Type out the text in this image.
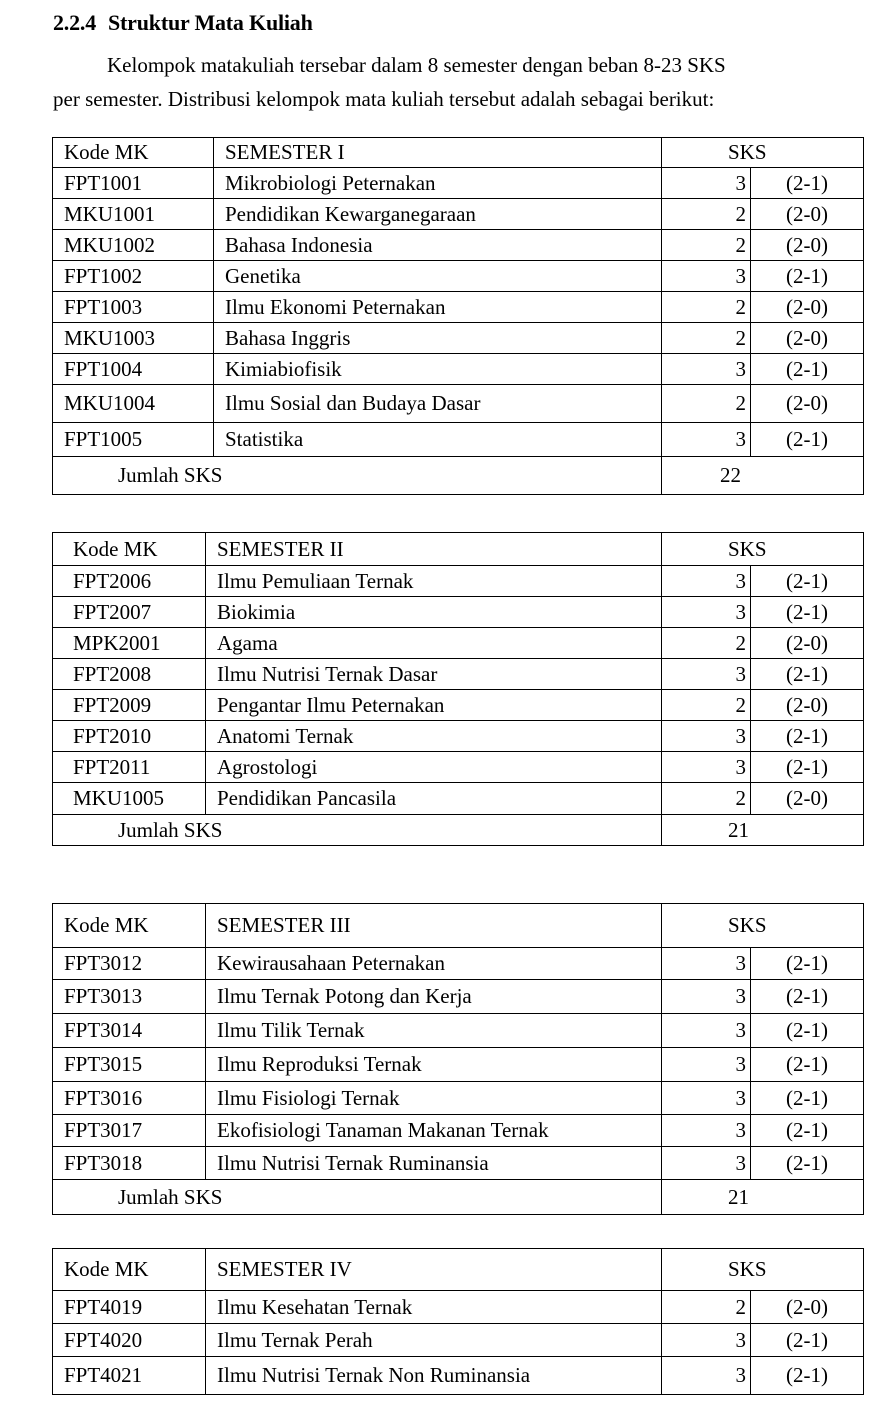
2.2.4 Struktur Mata Kuliah
Kelompok matakuliah tersebar dalam 8 semester dengan beban 8-23 SKS
per semester. Distribusi kelompok mata kuliah tersebut adalah sebagai berikut:
Kode MK	SEMESTER I	SKS	
FPT1001	Mikrobiologi Peternakan	3	(2-1)
MKU1001	Pendidikan Kewarganegaraan	2	(2-0)
MKU1002	Bahasa Indonesia	2	(2-0)
FPT1002	Genetika	3	(2-1)
FPT1003	Ilmu Ekonomi Peternakan	2	(2-0)
MKU1003	Bahasa Inggris	2	(2-0)
FPT1004	Kimiabiofisik	3	(2-1)
MKU1004	Ilmu Sosial dan Budaya Dasar	2	(2-0)
FPT1005	Statistika	3	(2-1)
Jumlah SKS		22	
Kode MK	SEMESTER II	SKS	
FPT2006	Ilmu Pemuliaan Ternak	3	(2-1)
FPT2007	Biokimia	3	(2-1)
MPK2001	Agama	2	(2-0)
FPT2008	Ilmu Nutrisi Ternak Dasar	3	(2-1)
FPT2009	Pengantar Ilmu Peternakan	2	(2-0)
FPT2010	Anatomi Ternak	3	(2-1)
FPT2011	Agrostologi	3	(2-1)
MKU1005	Pendidikan Pancasila	2	(2-0)
Jumlah SKS		21	
Kode MK	SEMESTER III	SKS	
FPT3012	Kewirausahaan Peternakan	3	(2-1)
FPT3013	Ilmu Ternak Potong dan Kerja	3	(2-1)
FPT3014	Ilmu Tilik Ternak	3	(2-1)
FPT3015	Ilmu Reproduksi Ternak	3	(2-1)
FPT3016	Ilmu Fisiologi Ternak	3	(2-1)
FPT3017	Ekofisiologi Tanaman Makanan Ternak	3	(2-1)
FPT3018	Ilmu Nutrisi Ternak Ruminansia	3	(2-1)
Jumlah SKS		21	
Kode MK	SEMESTER IV	SKS	
FPT4019	Ilmu Kesehatan Ternak	2	(2-0)
FPT4020	Ilmu Ternak Perah	3	(2-1)
FPT4021	Ilmu Nutrisi Ternak Non Ruminansia	3	(2-1)
